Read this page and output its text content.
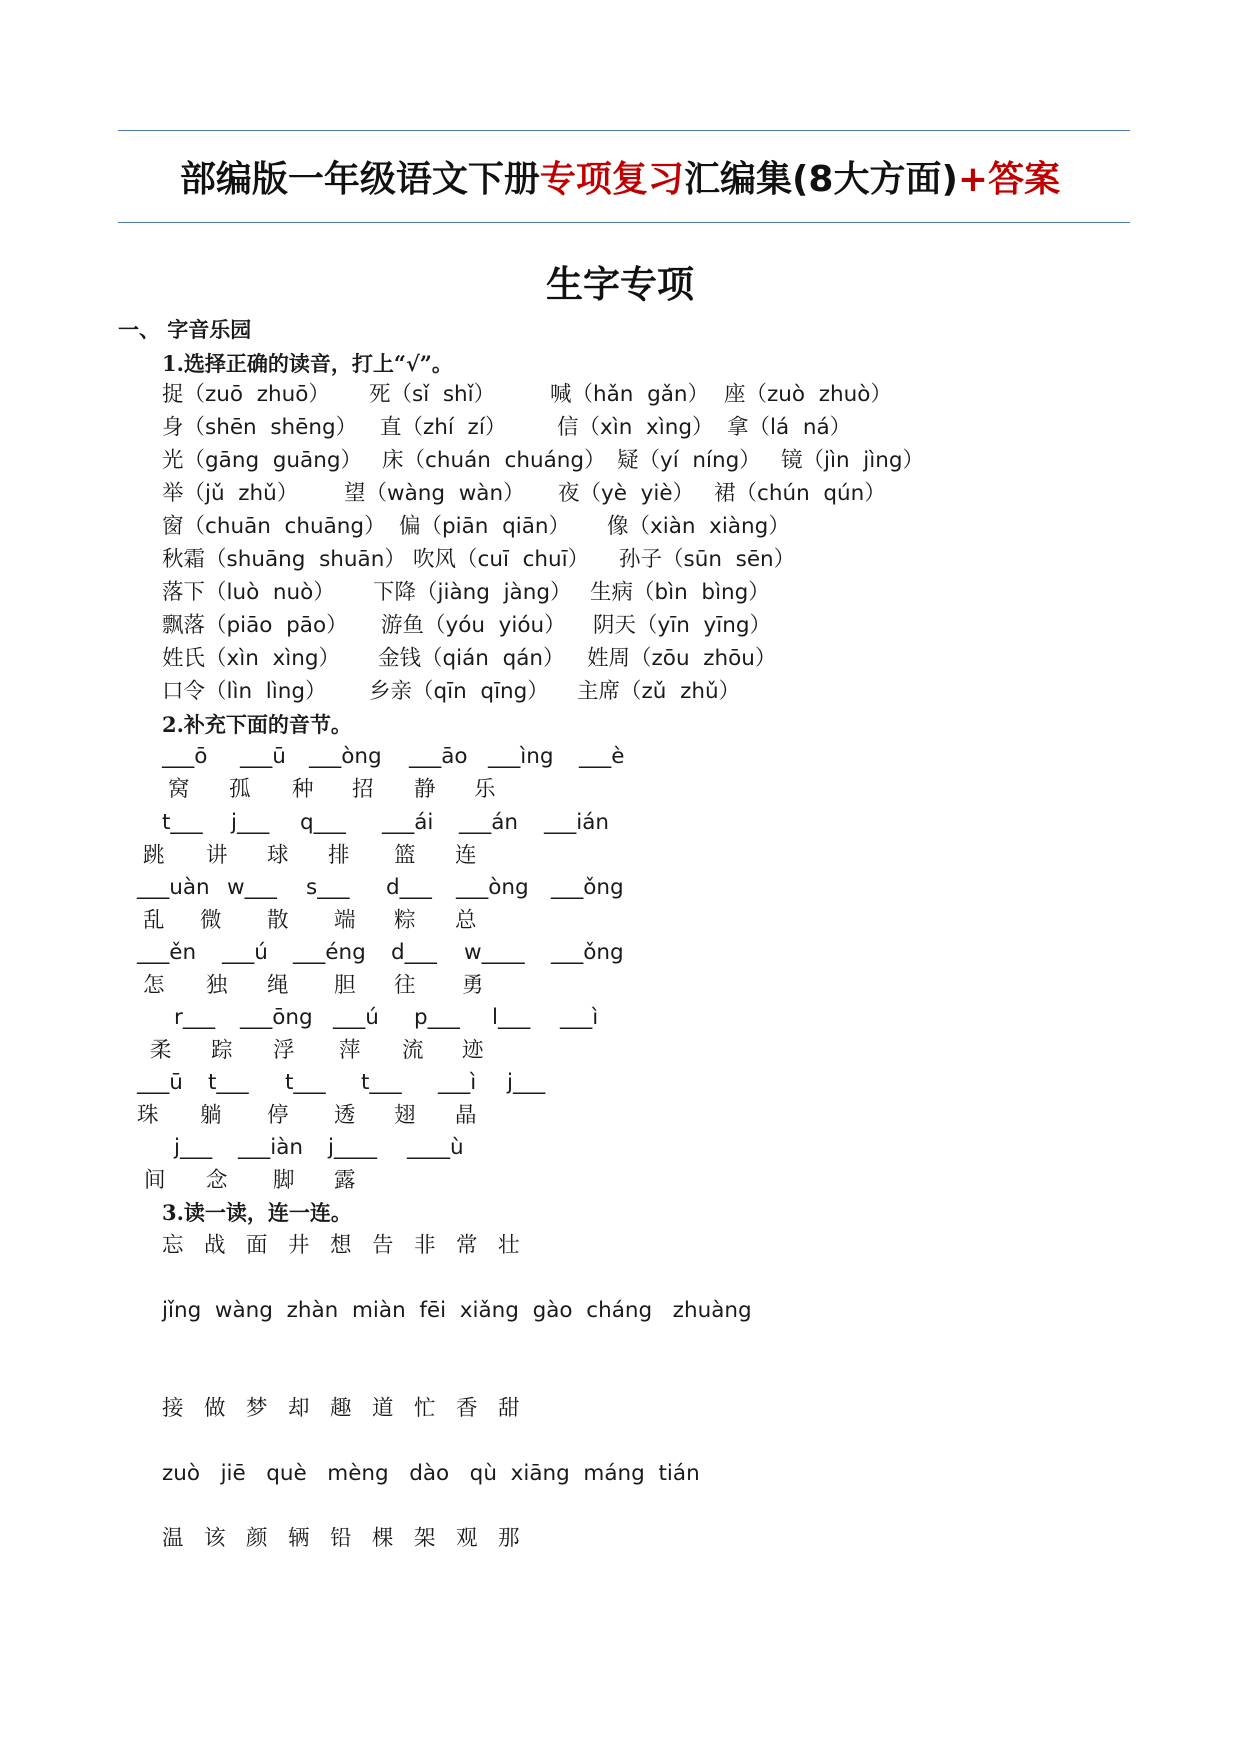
部编版一年级语文下册专项复习汇编集(8大方面)+答案
生字专项
一、 字音乐园
1.选择正确的读音，打上“√”。
捉（zuō  zhuō） 死（sǐ  shǐ）	喊（hǎn  gǎn） 座（zuò  zhuò）
身（shēn  shēng） 直（zhí  zí） 信（xìn  xìng） 拿（lá  ná）
光（gāng  guāng） 床（chuán  chuáng） 疑（yí  níng） 镜（jìn  jìng）
举（jǔ  zhǔ） 望（wàng  wàn） 夜（yè  yiè） 裙（chún  qún）
窗（chuān  chuāng） 偏（piān  qiān） 像（xiàn  xiàng）
秋霜（shuāng  shuān） 吹风（cuī  chuī） 孙子（sūn  sēn）
落下（luò  nuò） 下降（jiàng  jàng） 生病（bìn  bìng）
飘落（piāo  pāo） 游鱼（yóu  yióu） 阴天（yīn  yīng）
姓氏（xìn  xìng） 金钱（qián  qán） 姓周（zōu  zhōu）
口令（lìn  lìng） 乡亲（qīn  qīng） 主席（zǔ  zhǔ）
2.补充下面的音节。
___ō ___ū ___òng ___āo ___ìng ___è
窝 孤 种 招 静 乐
t___ j___ q___ ___ái ___án ___ián
跳 讲 球 排 篮 连
___uàn w___ s___ d___ ___òng ___ǒng
乱 微 散 端 粽 总
___ěn ___ú ___éng d___ w____ ___ǒng
怎 独 绳 胆 往 勇
r___ ___ōng ___ú p___ l___ ___ì
柔 踪 浮 萍 流 迹
___ū t___ t___ t___ ___ì j___
珠 躺 停 透 翅 晶
j___ ___iàn j____ ____ù
间 念 脚 露
3.读一读，连一连。
忘   战   面   井   想   告   非   常   壮
jǐng  wàng  zhàn  miàn  fēi  xiǎng  gào  cháng   zhuàng
接   做   梦   却   趣   道   忙   香   甜
zuò   jiē   què   mèng   dào   qù  xiāng  máng  tián
温   该   颜   辆   铅   棵   架   观   那
